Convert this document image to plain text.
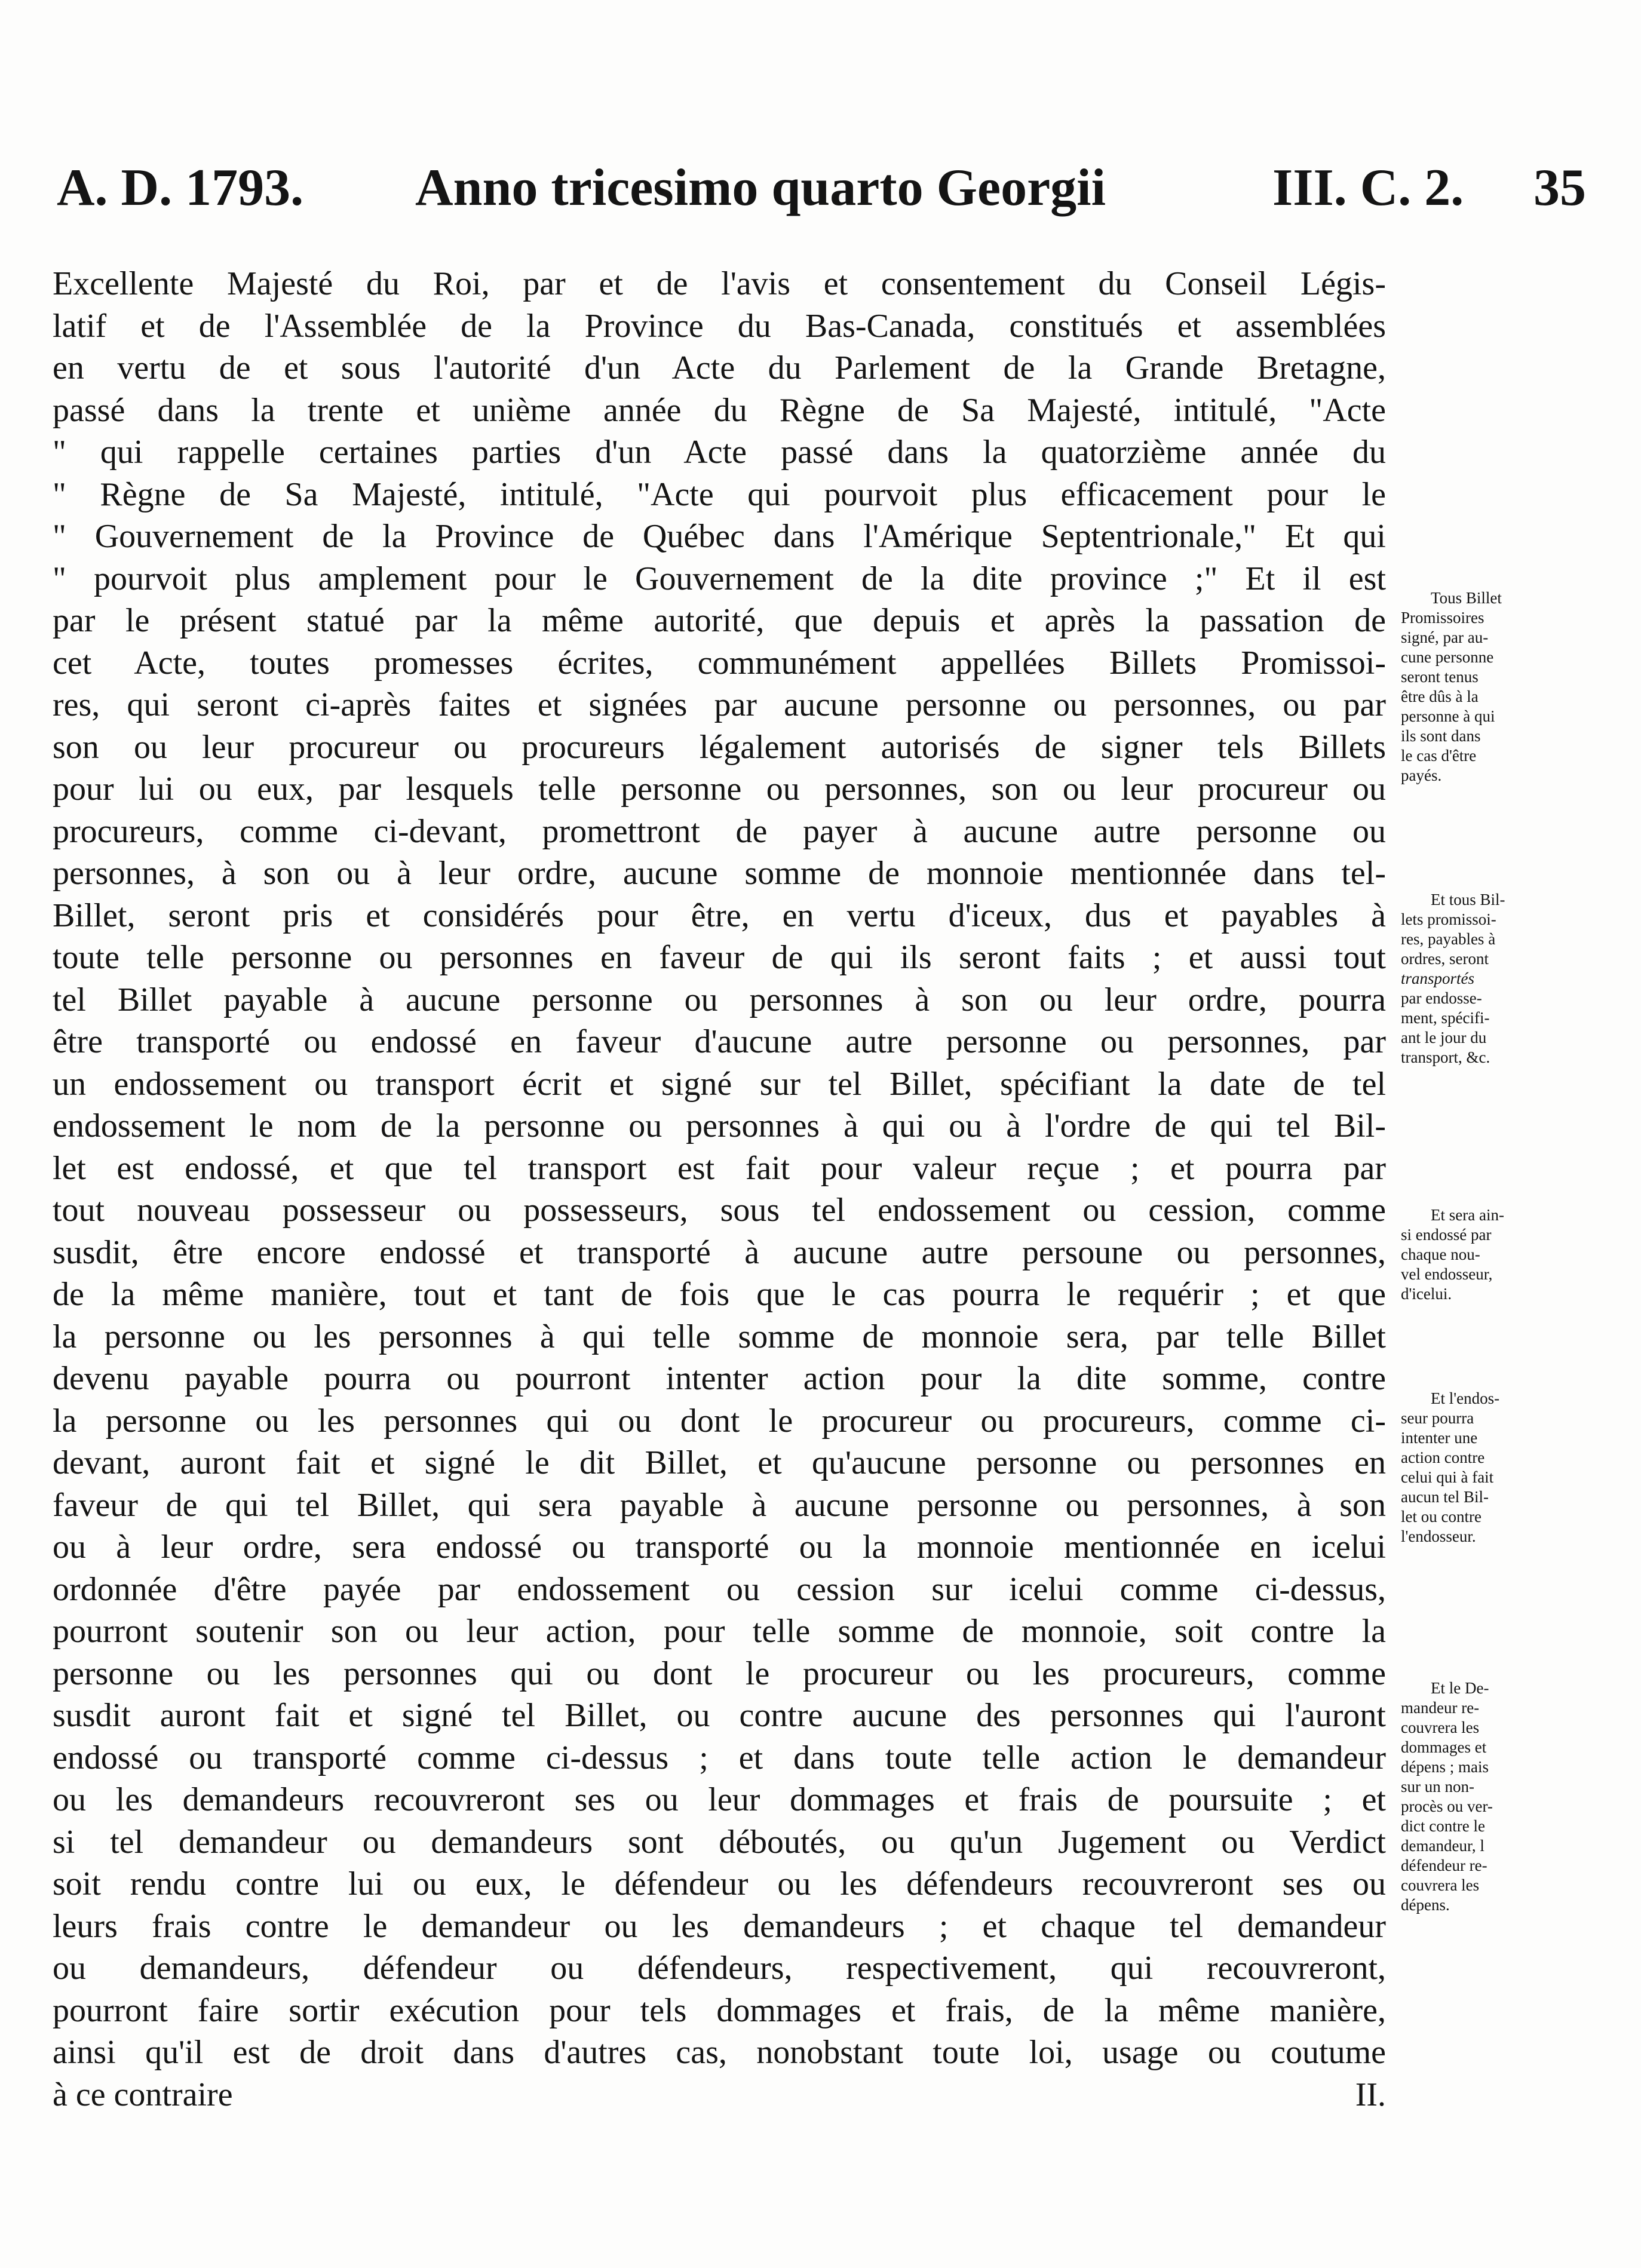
A. D. 1793. Anno tricesimo quarto Georgii	III. C. 2. 35
Excellente Majesté du Roi, par et de l'avis et consentement du Conseil Légis-
latif et de l'Assemblée de la Province du Bas-Canada, constitués et assemblées
en vertu de et sous l'autorité d'un Acte du Parlement de la Grande Bretagne,
passé dans la trente et unième année du Règne de Sa Majesté, intitulé, "Acte
" qui rappelle certaines parties d'un Acte passé dans la quatorzième année du
" Règne de Sa Majesté, intitulé, "Acte qui pourvoit plus efficacement pour le
" Gouvernement de la Province de Québec dans l'Amérique Septentrionale," Et qui
" pourvoit plus amplement pour le Gouvernement de la dite province ;" Et il est
par le présent statué par la même autorité, que depuis et après la passation de
cet Acte, toutes promesses écrites, communément appellées Billets Promissoi-
res, qui seront ci-après faites et signées par aucune personne ou personnes, ou par
son ou leur procureur ou procureurs légalement autorisés de signer tels Billets
pour lui ou eux, par lesquels telle personne ou personnes, son ou leur procureur ou
procureurs, comme ci-devant, promettront de payer à aucune autre personne ou
personnes, à son ou à leur ordre, aucune somme de monnoie mentionnée dans tel-
Billet, seront pris et considérés pour être, en vertu d'iceux, dus et payables à
toute telle personne ou personnes en faveur de qui ils seront faits ; et aussi tout
tel Billet payable à aucune personne ou personnes à son ou leur ordre, pourra
être transporté ou endossé en faveur d'aucune autre personne ou personnes, par
un endossement ou transport écrit et signé sur tel Billet, spécifiant la date de tel
endossement le nom de la personne ou personnes à qui ou à l'ordre de qui tel Bil-
let est endossé, et que tel transport est fait pour valeur reçue ; et pourra par
tout nouveau possesseur ou possesseurs, sous tel endossement ou cession, comme
susdit, être encore endossé et transporté à aucune autre persoune ou personnes,
de la même manière, tout et tant de fois que le cas pourra le requérir ; et que
la personne ou les personnes à qui telle somme de monnoie sera, par telle Billet
devenu payable pourra ou pourront intenter action pour la dite somme, contre
la personne ou les personnes qui ou dont le procureur ou procureurs, comme ci-
devant, auront fait et signé le dit Billet, et qu'aucune personne ou personnes en
faveur de qui tel Billet, qui sera payable à aucune personne ou personnes, à son
ou à leur ordre, sera endossé ou transporté ou la monnoie mentionnée en icelui
ordonnée d'être payée par endossement ou cession sur icelui comme ci-dessus,
pourront soutenir son ou leur action, pour telle somme de monnoie, soit contre la
personne ou les personnes qui ou dont le procureur ou les procureurs, comme
susdit auront fait et signé tel Billet, ou contre aucune des personnes qui l'auront
endossé ou transporté comme ci-dessus ; et dans toute telle action le demandeur
ou les demandeurs recouvreront ses ou leur dommages et frais de poursuite ; et
si tel demandeur ou demandeurs sont déboutés, ou qu'un Jugement ou Verdict
soit rendu contre lui ou eux, le défendeur ou les défendeurs recouvreront ses ou
leurs frais contre le demandeur ou les demandeurs ; et chaque tel demandeur
ou demandeurs, défendeur ou défendeurs, respectivement, qui recouvreront,
pourront faire sortir exécution pour tels dommages et frais, de la même manière,
ainsi qu'il est de droit dans d'autres cas, nonobstant toute loi, usage ou coutume
à ce contraire	II.
Tous Billet
Promissoires
signé, par au-
cune personne
seront tenus
être dûs à la
personne à qui
ils sont dans
le cas d'être
payés.
Et tous Bil-
lets promissoi-
res, payables à
ordres, seront
transportés
par endosse-
ment, spécifi-
ant le jour du
transport, &c.
Et sera ain-
si endossé par
chaque nou-
vel endosseur,
d'icelui.
Et l'endos-
seur pourra
intenter une
action contre
celui qui à fait
aucun tel Bil-
let ou contre
l'endosseur.
Et le De-
mandeur re-
couvrera les
dommages et
dépens ; mais
sur un non-
procès ou ver-
dict contre le
demandeur, l
défendeur re-
couvrera les
dépens.
